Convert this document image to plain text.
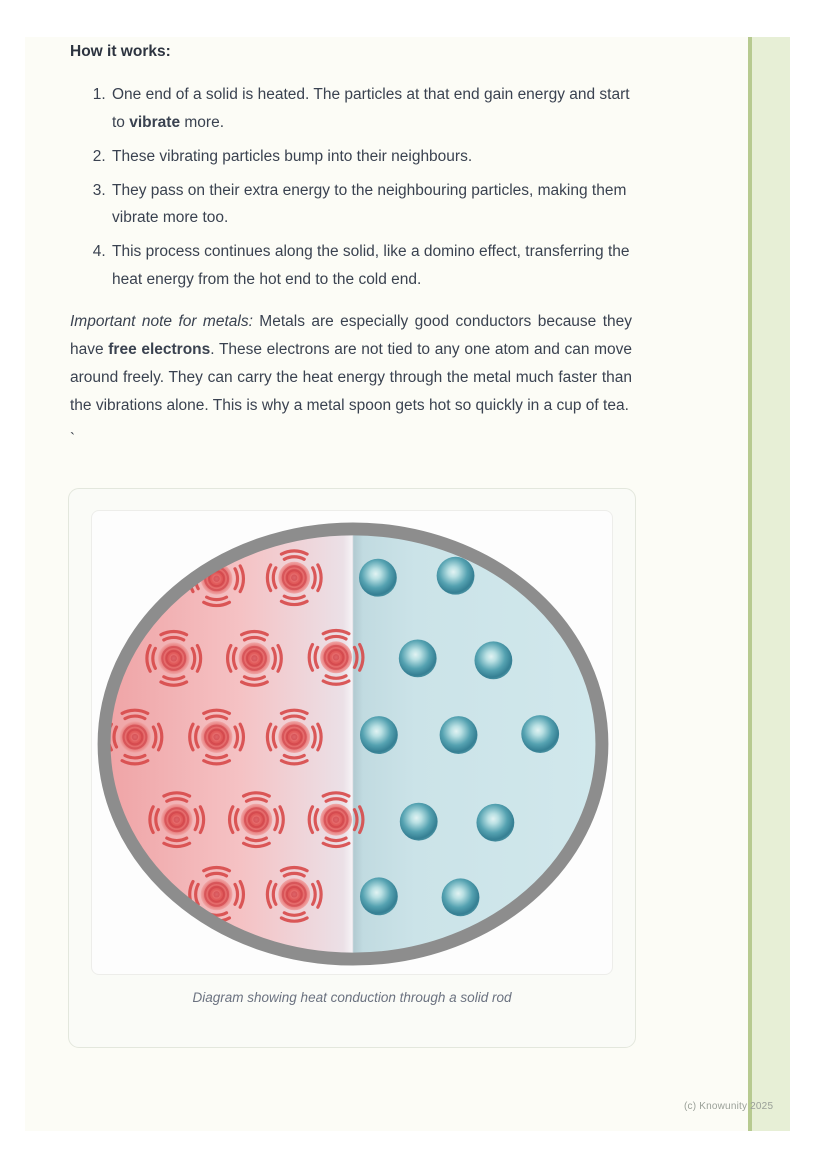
How it works:
1. One end of a solid is heated. The particles at that end gain energy and start to vibrate more.
2. These vibrating particles bump into their neighbours.
3. They pass on their extra energy to the neighbouring particles, making them vibrate more too.
4. This process continues along the solid, like a domino effect, transferring the heat energy from the hot end to the cold end.

Important note for metals: Metals are especially good conductors because they have free electrons. These electrons are not tied to any one atom and can move around freely. They can carry the heat energy through the metal much faster than the vibrations alone. This is why a metal spoon gets hot so quickly in a cup of tea.

`
Diagram showing heat conduction through a solid rod
(c) Knowunity 2025
